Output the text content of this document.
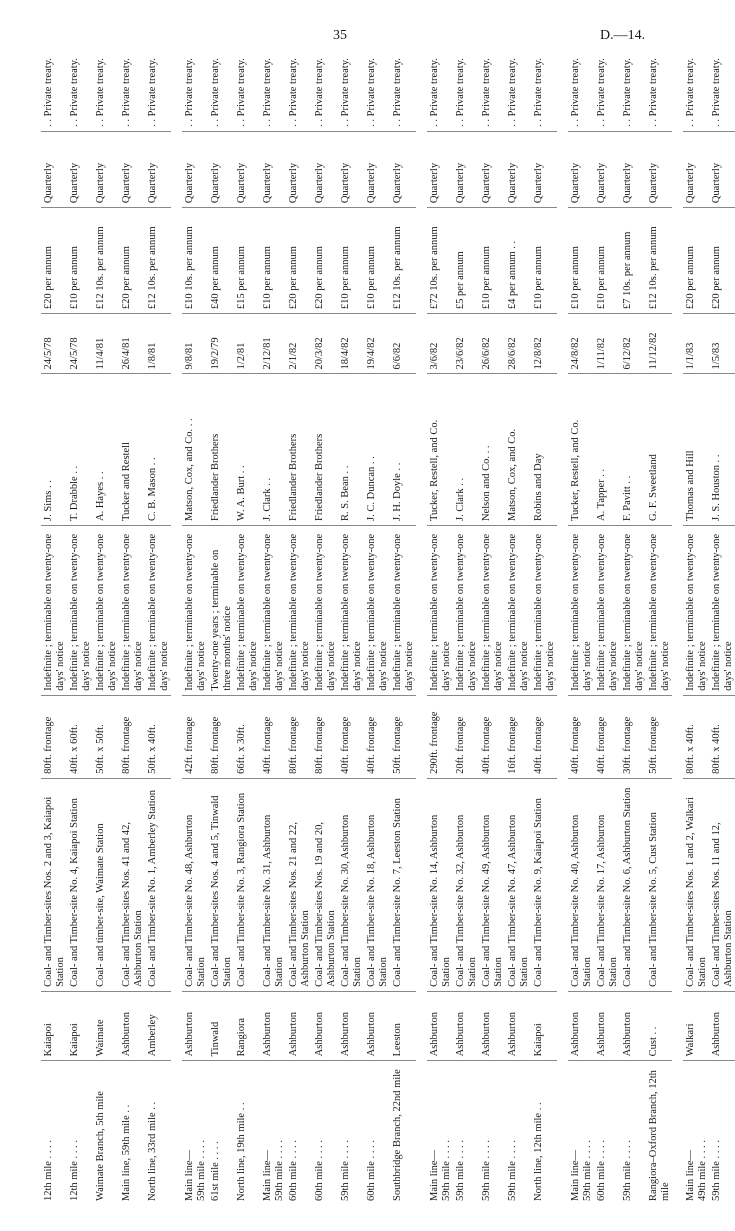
35	D.—14.
12th mile . . . .	Kaiapoi	Coal- and Timber-sites Nos. 2 and 3, Kaiapoi Station	80ft. frontage	Indefinite ; terminable on twenty-one days' notice	J. Sims . .	24/5/78	£20 per annum	Quarterly	. . Private treaty.
12th mile . . . .	Kaiapoi	Coal- and Timber-site No. 4, Kaiapoi Station	40ft. x 60ft.	Indefinite ; terminable on twenty-one days' notice	T. Drabble . .	24/5/78	£10 per annum	Quarterly	. . Private treaty.
Waimate Branch, 5th mile	Waimate	Coal- and timber-site, Waimate Station	50ft. x 50ft.	Indefinite ; terminable on twenty-one days' notice	A. Hayes . .	11/4/81	£12 10s. per annum	Quarterly	. . Private treaty.
Main line, 59th mile . .	Ashburton	Coal- and Timber-sites Nos. 41 and 42, Ashburton Station	80ft. frontage	Indefinite ; terminable on twenty-one days' notice	Tucker and Restell	26/4/81	£20 per annum	Quarterly	. . Private treaty.
North line, 33rd mile . .	Amberley	Coal- and Timber-site No. 1, Amberley Station	50ft. x 40ft.	Indefinite ; terminable on twenty-one days' notice	C. B. Mason . .	1/8/81	£12 10s. per annum	Quarterly	. . Private treaty.

Main line—
59th mile . . . .	Ashburton	Coal- and Timber-site No. 48, Ashburton Station	42ft. frontage	Indefinite ; terminable on twenty-one days' notice	Matson, Cox, and Co. . .	9/8/81	£10 10s. per annum	Quarterly	. . Private treaty.
61st mile . . . .	Tinwald	Coal- and Timber-sites Nos. 4 and 5, Tinwald Station	80ft. frontage	Twenty-one years ; terminable on three months' notice	Friedlander Brothers	19/2/79	£40 per annum	Quarterly	. . Private treaty.
North line, 19th mile . .	Rangiora	Coal- and Timber-site No. 3, Rangiora Station	66ft. x 30ft.	Indefinite ; terminable on twenty-one days' notice	W. A. Burt . .	1/2/81	£15 per annum	Quarterly	. . Private treaty.
Main line—
59th mile . . . .	Ashburton	Coal- and Timber-site No. 31, Ashburton Station	40ft. frontage	Indefinite ; terminable on twenty-one days' notice	J. Clark . .	2/12/81	£10 per annum	Quarterly	. . Private treaty.
60th mile . . . .	Ashburton	Coal- and Timber-sites Nos. 21 and 22, Ashburton Station	80ft. frontage	Indefinite ; terminable on twenty-one days' notice	Friedlander Brothers	2/1/82	£20 per annum	Quarterly	. . Private treaty.
60th mile . . . .	Ashburton	Coal- and Timber-sites Nos. 19 and 20, Ashburton Station	80ft. frontage	Indefinite ; terminable on twenty-one days' notice	Friedlander Brothers	20/3/82	£20 per annum	Quarterly	. . Private treaty.
59th mile . . . .	Ashburton	Coal- and Timber-site No. 30, Ashburton Station	40ft. frontage	Indefinite ; terminable on twenty-one days' notice	R. S. Bean . .	18/4/82	£10 per annum	Quarterly	. . Private treaty.
60th mile . . . .	Ashburton	Coal- and Timber-site No. 18, Ashburton Station	40ft. frontage	Indefinite ; terminable on twenty-one days' notice	J. C. Duncan . .	19/4/82	£10 per annum	Quarterly	. . Private treaty.
Southbridge Branch, 22nd mile	Leeston	Coal- and Timber-site No. 7, Leeston Station	50ft. frontage	Indefinite ; terminable on twenty-one days' notice	J. H. Doyle . .	6/6/82	£12 10s. per annum	Quarterly	. . Private treaty.

Main line—
59th mile . . . .	Ashburton	Coal- and Timber-site No. 14, Ashburton Station	290ft. frontage	Indefinite ; terminable on twenty-one days' notice	Tucker, Restell, and Co.	3/6/82	£72 10s. per annum	Quarterly	. . Private treaty.
59th mile . . . .	Ashburton	Coal- and Timber-site No. 32, Ashburton Station	20ft. frontage	Indefinite ; terminable on twenty-one days' notice	J. Clark . .	23/6/82	£5 per annum	Quarterly	. . Private treaty.
59th mile . . . .	Ashburton	Coal- and Timber-site No. 49, Ashburton Station	40ft. frontage	Indefinite ; terminable on twenty-one days' notice	Nelson and Co. . .	26/6/82	£10 per annum	Quarterly	. . Private treaty.
59th mile . . . .	Ashburton	Coal- and Timber-site No. 47, Ashburton Station	16ft. frontage	Indefinite ; terminable on twenty-one days' notice	Matson, Cox, and Co.	28/6/82	£4 per annum . .	Quarterly	. . Private treaty.
North line, 12th mile . .	Kaiapoi	Coal- and Timber-site No. 9, Kaiapoi Station	40ft. frontage	Indefinite ; terminable on twenty-one days' notice	Robins and Day	12/8/82	£10 per annum	Quarterly	. . Private treaty.

Main line—
59th mile . . . .	Ashburton	Coal- and Timber-site No. 40, Ashburton Station	40ft. frontage	Indefinite ; terminable on twenty-one days' notice	Tucker, Restell, and Co.	24/8/82	£10 per annum	Quarterly	. . Private treaty.
60th mile . . . .	Ashburton	Coal- and Timber-site No. 17, Ashburton Station	40ft. frontage	Indefinite ; terminable on twenty-one days' notice	A. Tapper . .	1/11/82	£10 per annum	Quarterly	. . Private treaty.
59th mile . . . .	Ashburton	Coal- and Timber-site No. 6, Ashburton Station	30ft. frontage	Indefinite ; terminable on twenty-one days' notice	F. Pavitt . .	6/12/82	£7 10s. per annum	Quarterly	. . Private treaty.
Rangiora–Oxford Branch, 12th mile	Cust . .	Coal- and Timber-site No. 5, Cust Station	50ft. frontage	Indefinite ; terminable on twenty-one days' notice	G. F. Sweetland	11/12/82	£12 10s. per annum	Quarterly	. . Private treaty.

Main line—
49th mile . . . .	Walkari	Coal- and Timber-sites Nos. 1 and 2, Walkari Station	80ft. x 40ft.	Indefinite ; terminable on twenty-one days' notice	Thomas and Hill	1/1/83	£20 per annum	Quarterly	. . Private treaty.
59th mile . . . .	Ashburton	Coal- and Timber-sites Nos. 11 and 12, Ashburton Station	80ft. x 40ft.	Indefinite ; terminable on twenty-one days' notice	J. S. Houston . .	1/5/83	£20 per annum	Quarterly	. . Private treaty.
